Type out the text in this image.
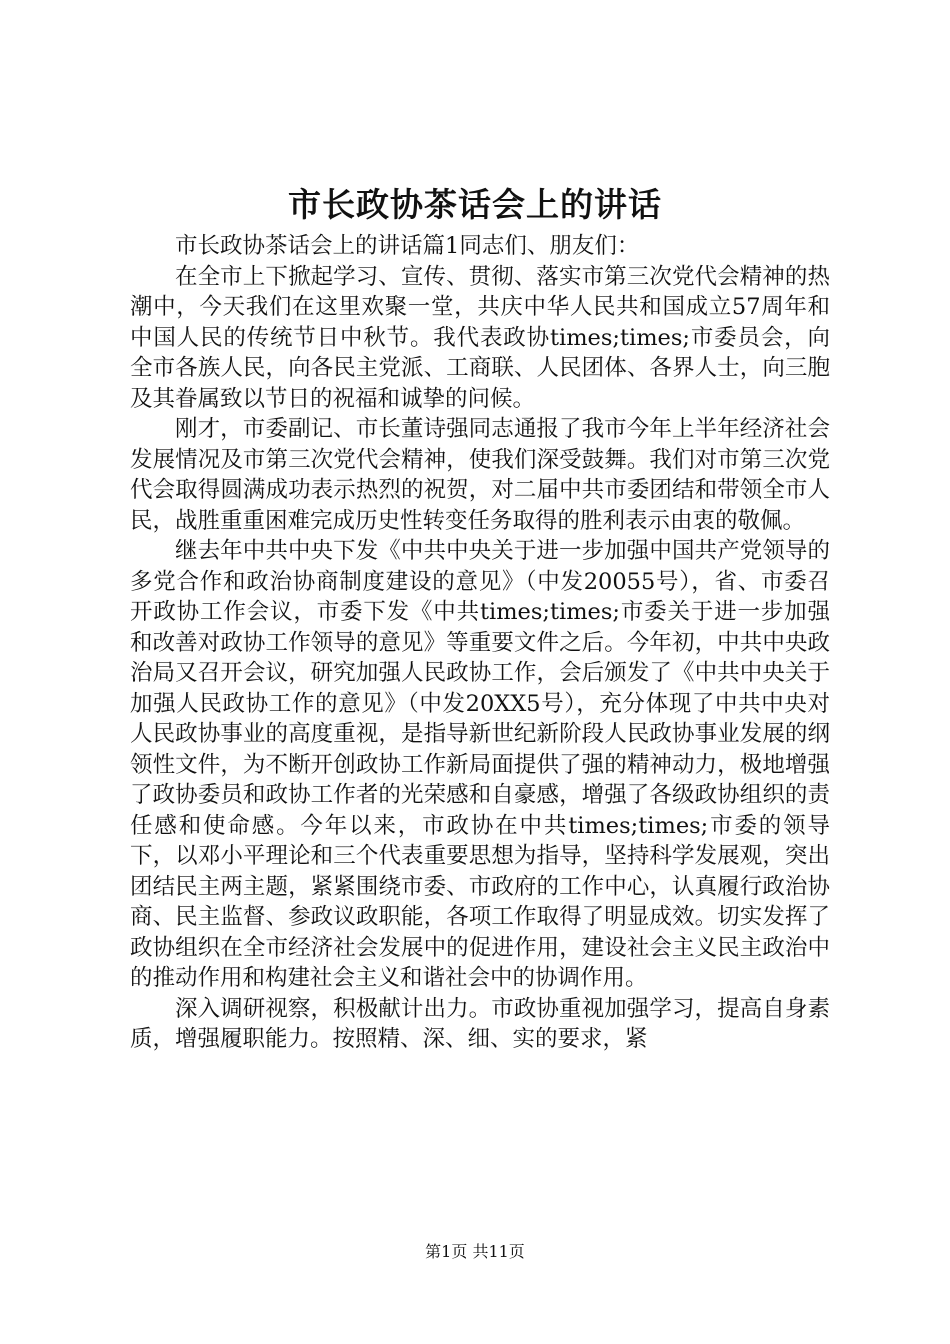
市长政协茶话会上的讲话

市长政协茶话会上的讲话篇1同志们、朋友们：

在全市上下掀起学习、宣传、贯彻、落实市第三次党代会精神的热潮中，今天我们在这里欢聚一堂，共庆中华人民共和国成立57周年和中国人民的传统节日中秋节。我代表政协times;times;市委员会，向全市各族人民，向各民主党派、工商联、人民团体、各界人士，向三胞及其眷属致以节日的祝福和诚挚的问候。

刚才，市委副记、市长董诗强同志通报了我市今年上半年经济社会发展情况及市第三次党代会精神，使我们深受鼓舞。我们对市第三次党代会取得圆满成功表示热烈的祝贺，对二届中共市委团结和带领全市人民，战胜重重困难完成历史性转变任务取得的胜利表示由衷的敬佩。

继去年中共中央下发《中共中央关于进一步加强中国共产党领导的多党合作和政治协商制度建设的意见》（中发20055号），省、市委召开政协工作会议，市委下发《中共times;times;市委关于进一步加强和改善对政协工作领导的意见》等重要文件之后。今年初，中共中央政治局又召开会议，研究加强人民政协工作，会后颁发了《中共中央关于加强人民政协工作的意见》（中发20XX5号），充分体现了中共中央对人民政协事业的高度重视，是指导新世纪新阶段人民政协事业发展的纲领性文件，为不断开创政协工作新局面提供了强的精神动力，极地增强了政协委员和政协工作者的光荣感和自豪感，增强了各级政协组织的责任感和使命感。今年以来，市政协在中共times;times;市委的领导下，以邓小平理论和三个代表重要思想为指导，坚持科学发展观，突出团结民主两主题，紧紧围绕市委、市政府的工作中心，认真履行政治协商、民主监督、参政议政职能，各项工作取得了明显成效。切实发挥了政协组织在全市经济社会发展中的促进作用，建设社会主义民主政治中的推动作用和构建社会主义和谐社会中的协调作用。

深入调研视察，积极献计出力。市政协重视加强学习，提高自身素质，增强履职能力。按照精、深、细、实的要求，紧

第1页 共11页
